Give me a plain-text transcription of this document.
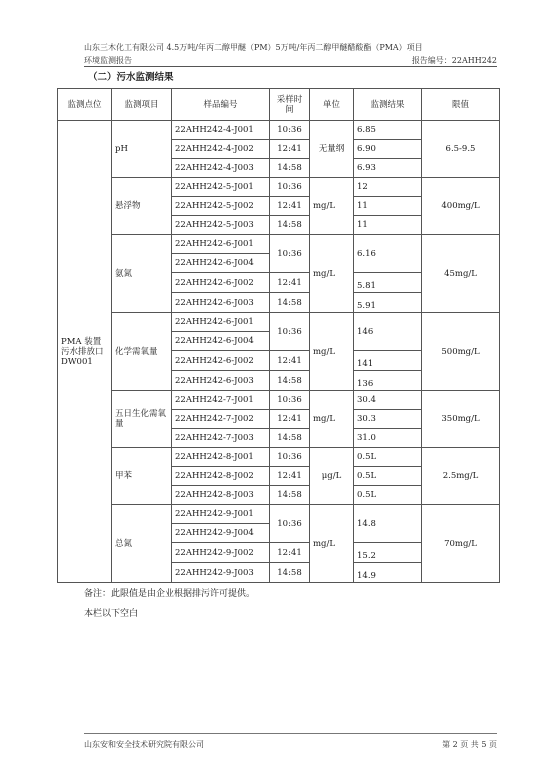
山东三木化工有限公司 4.5万吨/年丙二醇甲醚（PM）5万吨/年丙二醇甲醚醋酸酯（PMA）项目
环境监测报告	报告编号：22AHH242
（二）污水监测结果
监测点位	监测项目	样品编号	采样时间	单位	监测结果	限值
PMA 装置污水排放口 DW001	pH	22AHH242-4-J001	10:36	无量纲	6.85	6.5-9.5
		22AHH242-4-J002	12:41		6.90	
		22AHH242-4-J003	14:58		6.93	
	悬浮物	22AHH242-5-J001	10:36	mg/L	12	400mg/L
		22AHH242-5-J002	12:41		11	
		22AHH242-5-J003	14:58		11	
	氨氮	22AHH242-6-J001	10:36	mg/L	6.16	45mg/L
		22AHH242-6-J004				
		22AHH242-6-J002	12:41		5.81	
		22AHH242-6-J003	14:58		5.91	
	化学需氧量	22AHH242-6-J001	10:36	mg/L	146	500mg/L
		22AHH242-6-J004				
		22AHH242-6-J002	12:41		141	
		22AHH242-6-J003	14:58		136	
	五日生化需氧量	22AHH242-7-J001	10:36	mg/L	30.4	350mg/L
		22AHH242-7-J002	12:41		30.3	
		22AHH242-7-J003	14:58		31.0	
	甲苯	22AHH242-8-J001	10:36	μg/L	0.5L	2.5mg/L
		22AHH242-8-J002	12:41		0.5L	
		22AHH242-8-J003	14:58		0.5L	
	总氮	22AHH242-9-J001	10:36	mg/L	14.8	70mg/L
		22AHH242-9-J004				
		22AHH242-9-J002	12:41		15.2	
		22AHH242-9-J003	14:58		14.9	
备注：此限值是由企业根据排污许可提供。
本栏以下空白
山东安和安全技术研究院有限公司	第 2 页 共 5 页
